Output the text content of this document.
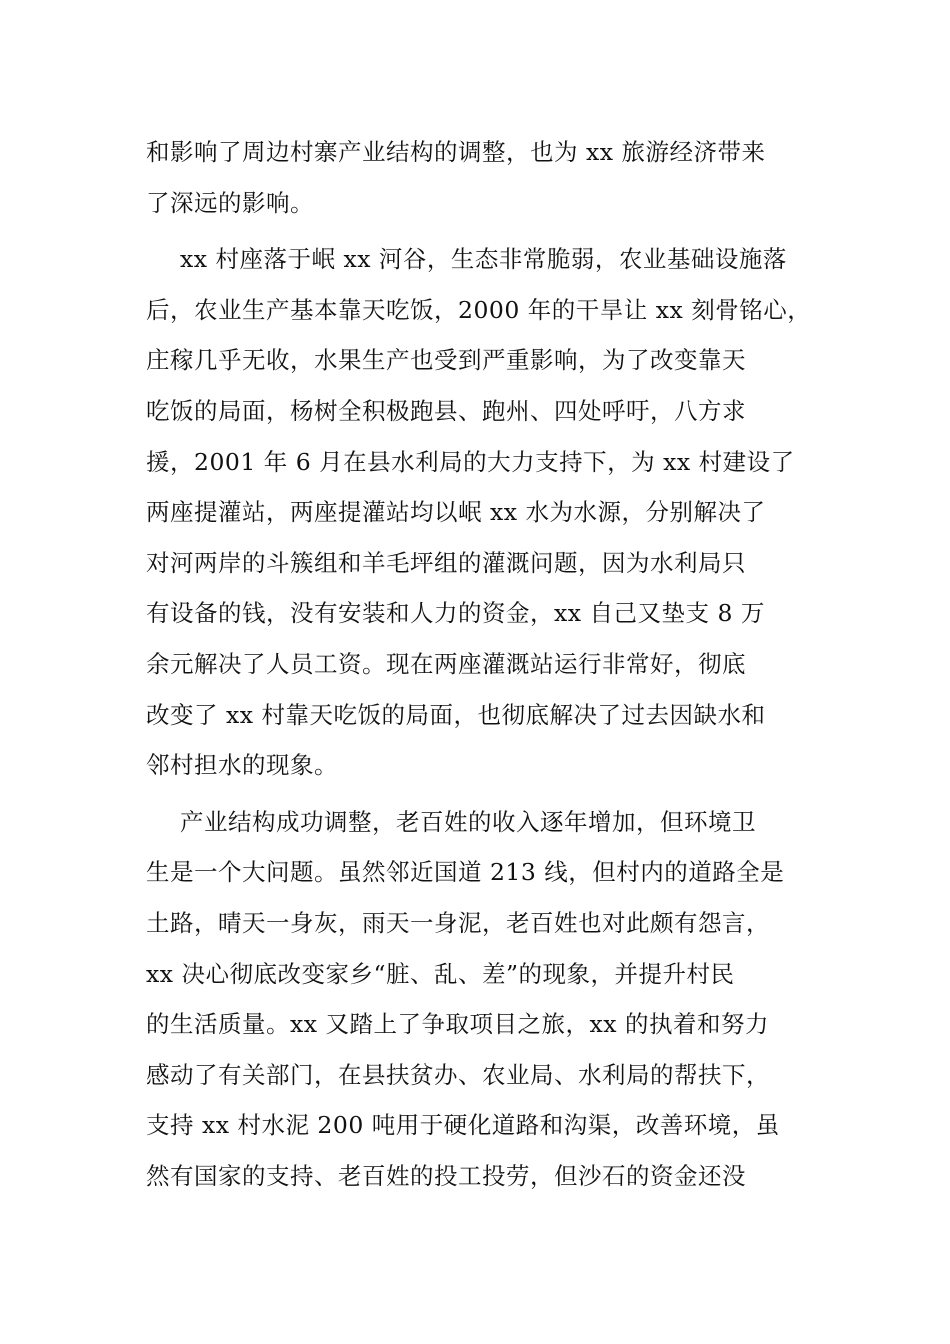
和影响了周边村寨产业结构的调整，也为 xx 旅游经济带来
了深远的影响。
xx 村座落于岷 xx 河谷，生态非常脆弱，农业基础设施落
后，农业生产基本靠天吃饭，2000 年的干旱让 xx 刻骨铭心，
庄稼几乎无收，水果生产也受到严重影响，为了改变靠天
吃饭的局面，杨树全积极跑县、跑州、四处呼吁，八方求
援，2001 年 6 月在县水利局的大力支持下，为 xx 村建设了
两座提灌站，两座提灌站均以岷 xx 水为水源，分别解决了
对河两岸的斗簇组和羊毛坪组的灌溉问题，因为水利局只
有设备的钱，没有安装和人力的资金，xx 自己又垫支 8 万
余元解决了人员工资。现在两座灌溉站运行非常好，彻底
改变了 xx 村靠天吃饭的局面，也彻底解决了过去因缺水和
邻村担水的现象。
产业结构成功调整，老百姓的收入逐年增加，但环境卫
生是一个大问题。虽然邻近国道 213 线，但村内的道路全是
土路，晴天一身灰，雨天一身泥，老百姓也对此颇有怨言，
xx 决心彻底改变家乡“脏、乱、差”的现象，并提升村民
的生活质量。xx 又踏上了争取项目之旅，xx 的执着和努力
感动了有关部门，在县扶贫办、农业局、水利局的帮扶下，
支持 xx 村水泥 200 吨用于硬化道路和沟渠，改善环境，虽
然有国家的支持、老百姓的投工投劳，但沙石的资金还没
